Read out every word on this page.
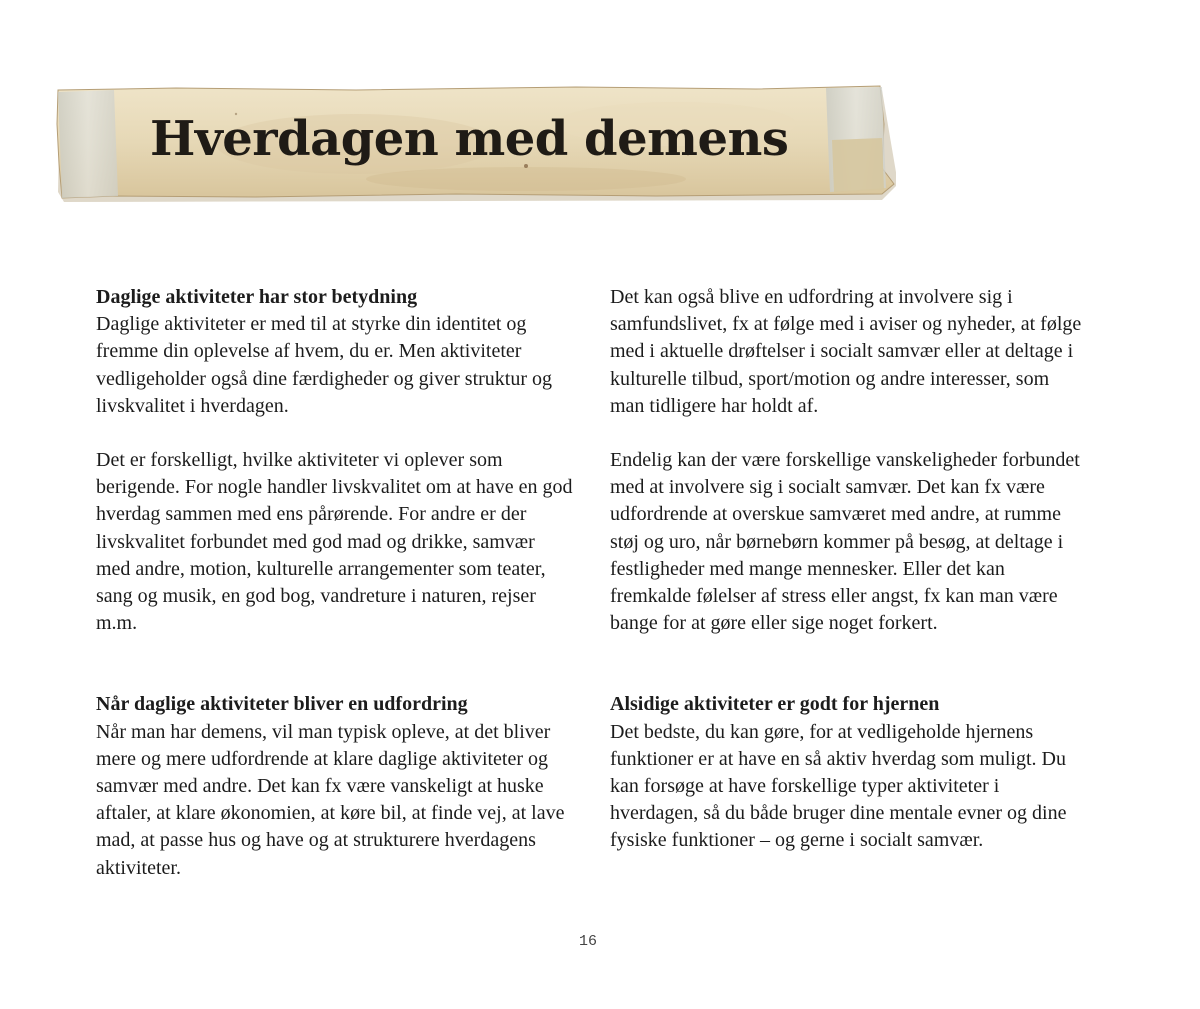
Hverdagen med demens
Daglige aktiviteter har stor betydning

Daglige aktiviteter er med til at styrke din identitet og fremme din oplevelse af hvem, du er. Men aktiviteter vedligeholder også dine færdigheder og giver struktur og livskvalitet i hverdagen.

Det er forskelligt, hvilke aktiviteter vi oplever som berigende. For nogle handler livskvalitet om at have en god hverdag sammen med ens pårørende. For andre er der livskvalitet forbundet med god mad og drikke, samvær med andre, motion, kulturelle arrangementer som teater, sang og musik, en god bog, vandreture i naturen, rejser m.m.

Når daglige aktiviteter bliver en udfordring

Når man har demens, vil man typisk opleve, at det bliver mere og mere udfordrende at klare daglige aktiviteter og samvær med andre. Det kan fx være vanskeligt at huske aftaler, at klare økonomien, at køre bil, at finde vej, at lave mad, at passe hus og have og at strukturere hverdagens aktiviteter.

Det kan også blive en udfordring at involvere sig i samfundslivet, fx at følge med i aviser og nyheder, at følge med i aktuelle drøftelser i socialt samvær eller at deltage i kulturelle tilbud, sport/motion og andre interesser, som man tidligere har holdt af.

Endelig kan der være forskellige vanskeligheder forbundet med at involvere sig i socialt samvær. Det kan fx være udfordrende at overskue samværet med andre, at rumme støj og uro, når børnebørn kommer på besøg, at deltage i festligheder med mange mennesker. Eller det kan fremkalde følelser af stress eller angst, fx kan man være bange for at gøre eller sige noget forkert.

Alsidige aktiviteter er godt for hjernen

Det bedste, du kan gøre, for at vedligeholde hjernens funktioner er at have en så aktiv hverdag som muligt. Du kan forsøge at have forskellige typer aktiviteter i hverdagen, så du både bruger dine mentale evner og dine fysiske funktioner – og gerne i socialt samvær.

16
